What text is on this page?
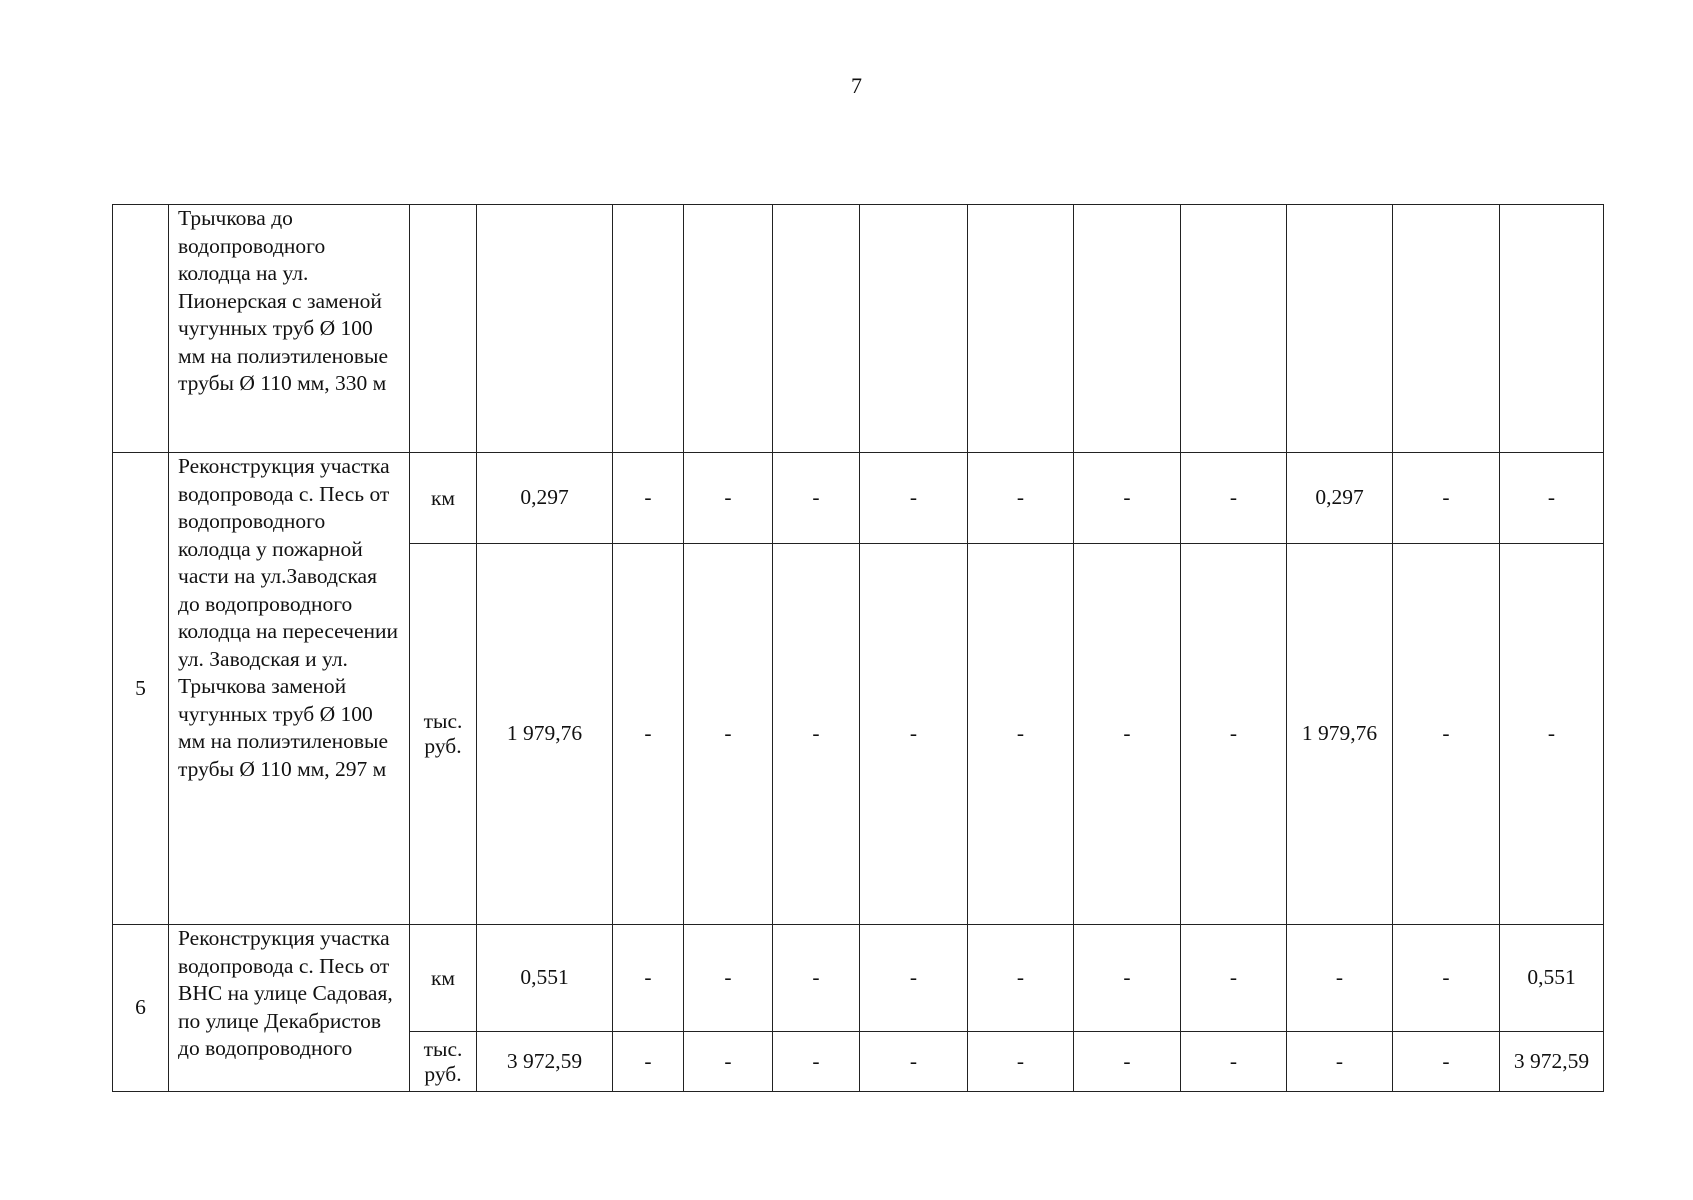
7

	Трычкова до водопроводного колодца на ул. Пионерская с заменой чугунных труб Ø 100 мм на полиэтиленовые трубы Ø 110 мм, 330 м												

5	Реконструкция участка водопровода с. Песь от водопроводного колодца у пожарной части на ул.Заводская до водопроводного колодца на пересечении ул. Заводская и ул. Трычкова заменой чугунных труб Ø 100 мм на полиэтиленовые трубы Ø 110 мм, 297 м	км	0,297	-	-	-	-	-	-	-	0,297	-	-
		тыс. руб.	1 979,76	-	-	-	-	-	-	-	1 979,76	-	-
6	Реконструкция участка водопровода с. Песь от ВНС на улице Садовая, по улице Декабристов до водопроводного	км	0,551	-	-	-	-	-	-	-	-	-	0,551
		тыс. руб.	3 972,59	-	-	-	-	-	-	-	-	-	3 972,59
